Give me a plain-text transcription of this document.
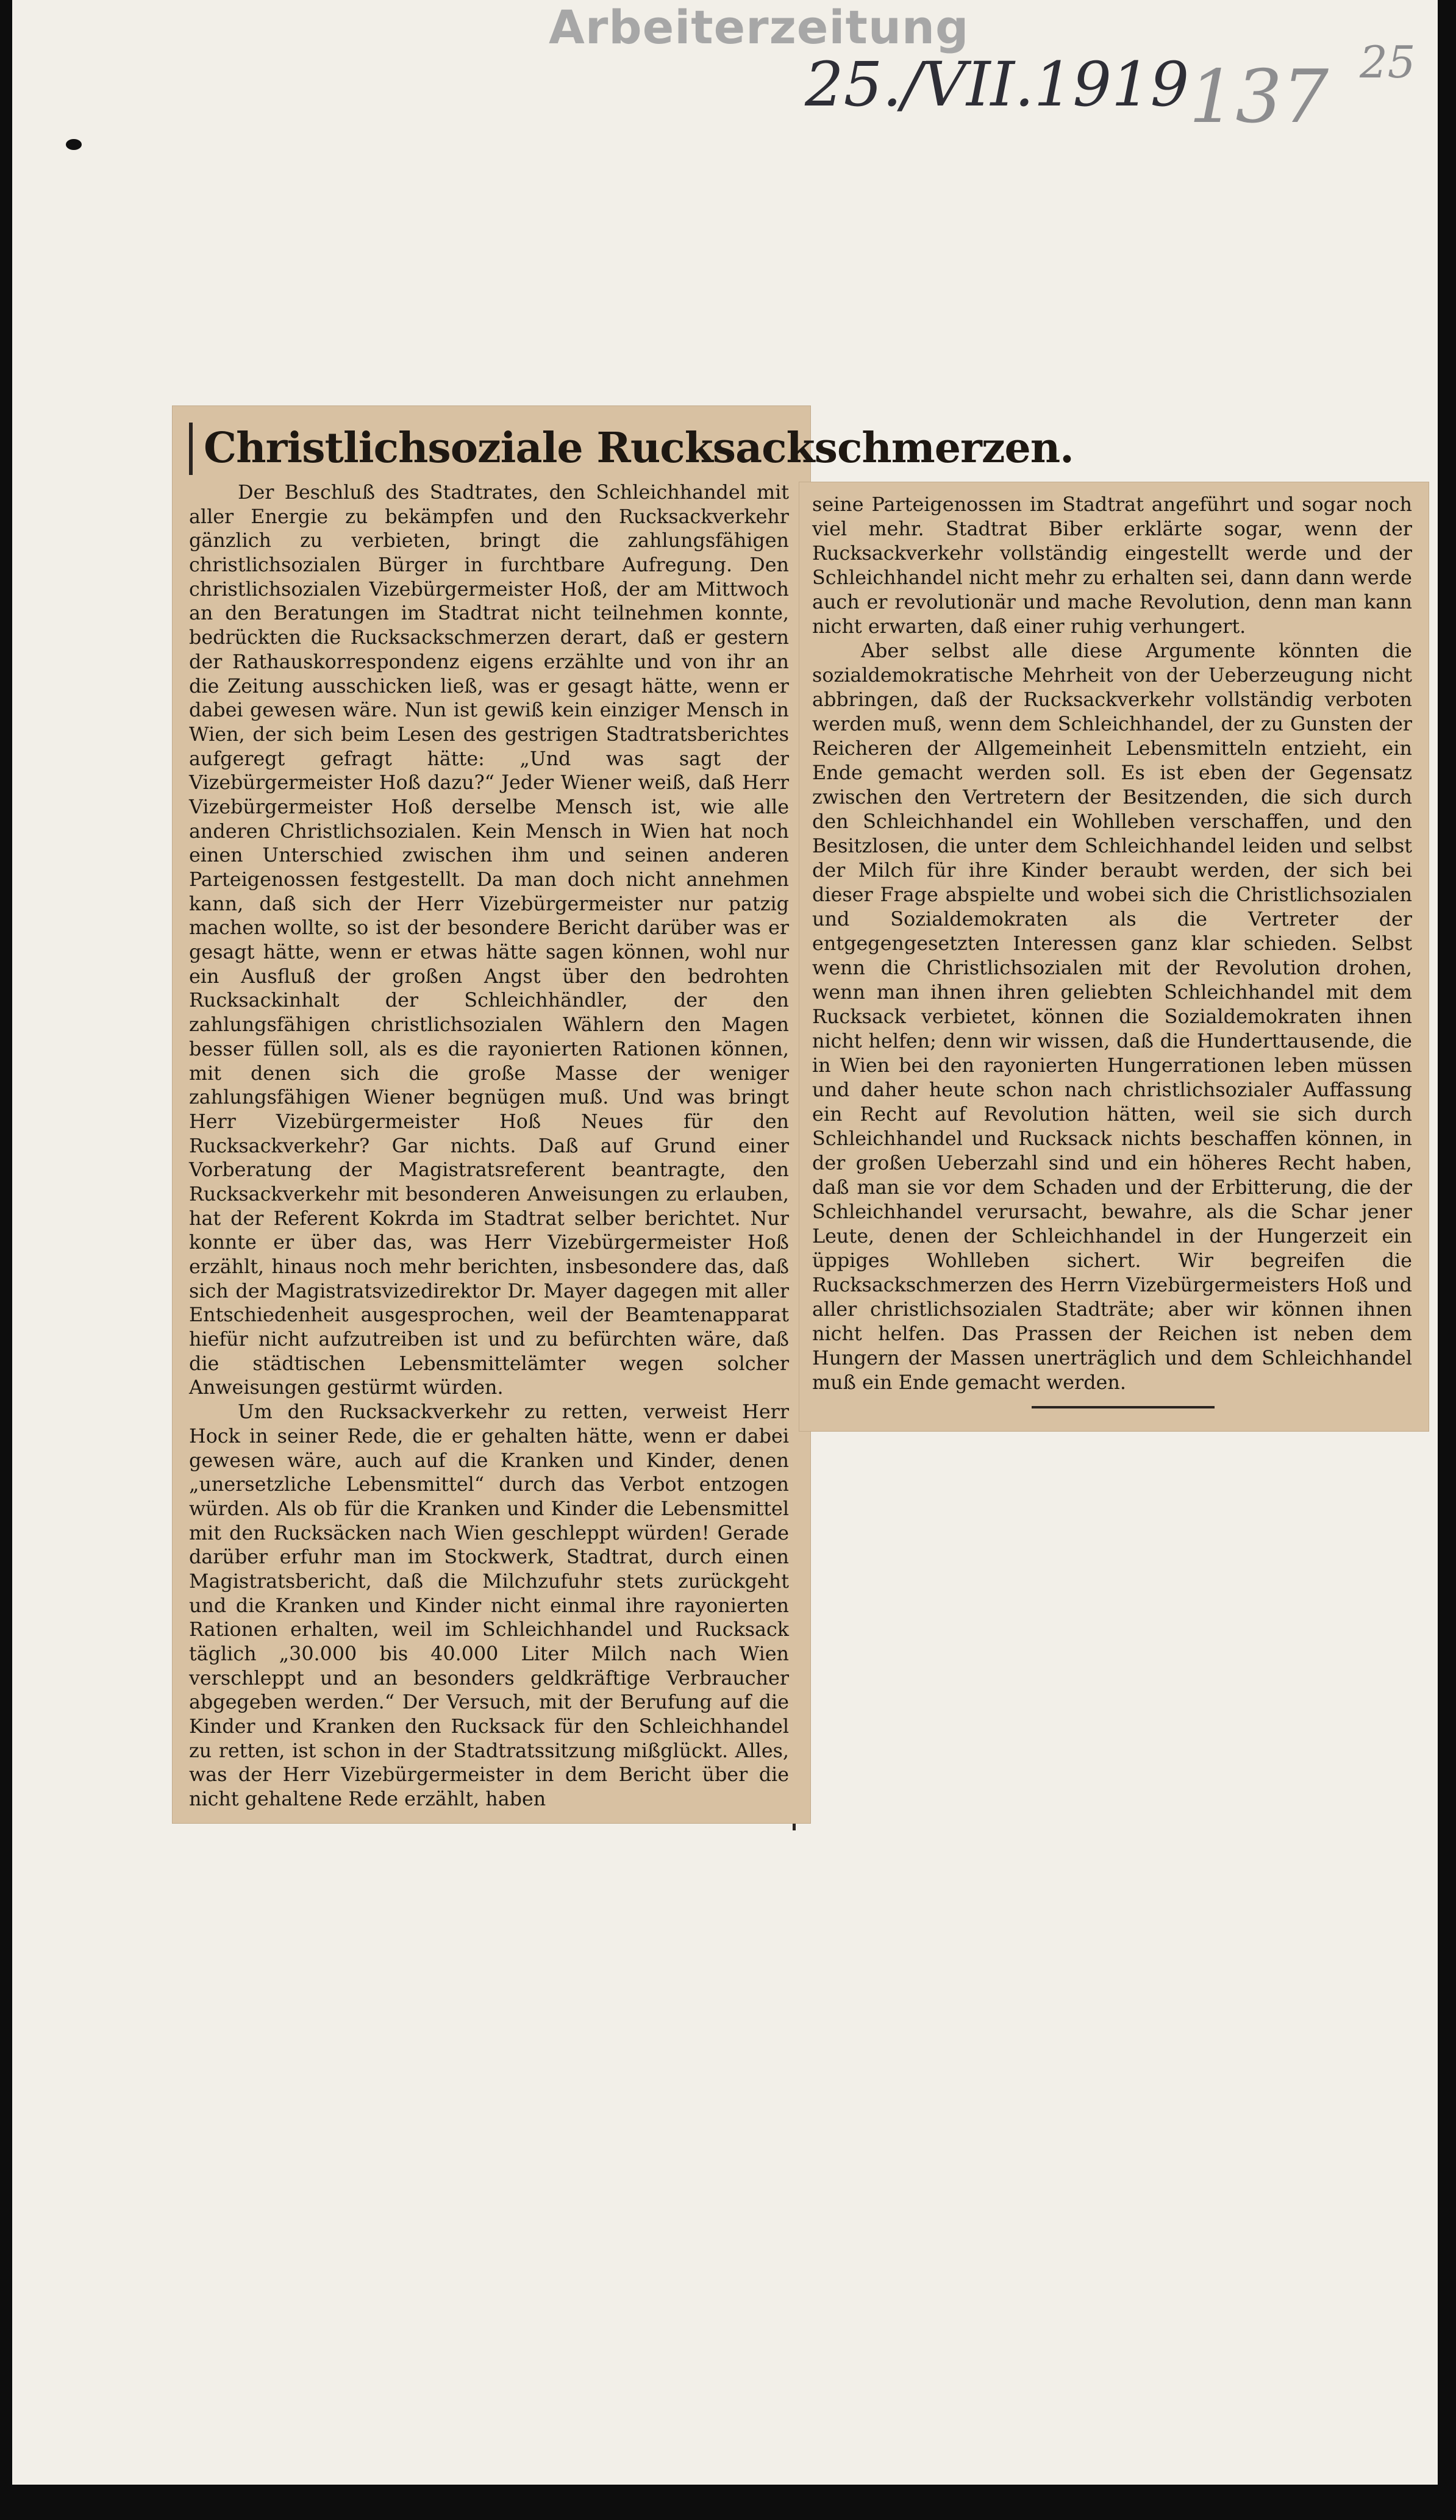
Arbeiterzeitung
25./VII.1919 137 25
Christlichsoziale Rucksackschmerzen.

Der Beschluß des Stadtrates, den Schleichhandel mit aller Energie zu bekämpfen und den Rucksackverkehr gänzlich zu verbieten, bringt die zahlungsfähigen christlichsozialen Bürger in furchtbare Aufregung. Den christlichsozialen Vizebürgermeister Hoß, der am Mittwoch an den Beratungen im Stadtrat nicht teilnehmen konnte, bedrückten die Rucksackschmerzen derart, daß er gestern der Rathauskorrespondenz eigens erzählte und von ihr an die Zeitung ausschicken ließ, was er gesagt hätte, wenn er dabei gewesen wäre. Nun ist gewiß kein einziger Mensch in Wien, der sich beim Lesen des gestrigen Stadtratsberichtes aufgeregt gefragt hätte: „Und was sagt der Vizebürgermeister Hoß dazu?“ Jeder Wiener weiß, daß Herr Vizebürgermeister Hoß derselbe Mensch ist, wie alle anderen Christlichsozialen. Kein Mensch in Wien hat noch einen Unterschied zwischen ihm und seinen anderen Parteigenossen festgestellt. Da man doch nicht annehmen kann, daß sich der Herr Vizebürgermeister nur patzig machen wollte, so ist der besondere Bericht darüber was er gesagt hätte, wenn er etwas hätte sagen können, wohl nur ein Ausfluß der großen Angst über den bedrohten Rucksackinhalt der Schleichhändler, der den zahlungsfähigen christlichsozialen Wählern den Magen besser füllen soll, als es die rayonierten Rationen können, mit denen sich die große Masse der weniger zahlungsfähigen Wiener begnügen muß. Und was bringt Herr Vizebürgermeister Hoß Neues für den Rucksackverkehr? Gar nichts. Daß auf Grund einer Vorberatung der Magistratsreferent beantragte, den Rucksackverkehr mit besonderen Anweisungen zu erlauben, hat der Referent Kokrda im Stadtrat selber berichtet. Nur konnte er über das, was Herr Vizebürgermeister Hoß erzählt, hinaus noch mehr berichten, insbesondere das, daß sich der Magistratsvizedirektor Dr. Mayer dagegen mit aller Entschiedenheit ausgesprochen, weil der Beamtenapparat hiefür nicht aufzutreiben ist und zu befürchten wäre, daß die städtischen Lebensmittelämter wegen solcher Anweisungen gestürmt würden.

Um den Rucksackverkehr zu retten, verweist Herr Hock in seiner Rede, die er gehalten hätte, wenn er dabei gewesen wäre, auch auf die Kranken und Kinder, denen „unersetzliche Lebensmittel“ durch das Verbot entzogen würden. Als ob für die Kranken und Kinder die Lebensmittel mit den Rucksäcken nach Wien geschleppt würden! Gerade darüber erfuhr man im Stockwerk, Stadtrat, durch einen Magistratsbericht, daß die Milchzufuhr stets zurückgeht und die Kranken und Kinder nicht einmal ihre rayonierten Rationen erhalten, weil im Schleichhandel und Rucksack täglich „30.000 bis 40.000 Liter Milch nach Wien verschleppt und an besonders geldkräftige Verbraucher abgegeben werden.“ Der Versuch, mit der Berufung auf die Kinder und Kranken den Rucksack für den Schleichhandel zu retten, ist schon in der Stadtratssitzung mißglückt. Alles, was der Herr Vizebürgermeister in dem Bericht über die nicht gehaltene Rede erzählt, haben

seine Parteigenossen im Stadtrat angeführt und sogar noch viel mehr. Stadtrat Biber erklärte sogar, wenn der Rucksackverkehr vollständig eingestellt werde und der Schleichhandel nicht mehr zu erhalten sei, dann dann werde auch er revolutionär und mache Revolution, denn man kann nicht erwarten, daß einer ruhig verhungert.

Aber selbst alle diese Argumente könnten die sozialdemokratische Mehrheit von der Ueberzeugung nicht abbringen, daß der Rucksackverkehr vollständig verboten werden muß, wenn dem Schleichhandel, der zu Gunsten der Reicheren der Allgemeinheit Lebensmitteln entzieht, ein Ende gemacht werden soll. Es ist eben der Gegensatz zwischen den Vertretern der Besitzenden, die sich durch den Schleichhandel ein Wohlleben verschaffen, und den Besitzlosen, die unter dem Schleichhandel leiden und selbst der Milch für ihre Kinder beraubt werden, der sich bei dieser Frage abspielte und wobei sich die Christlichsozialen und Sozialdemokraten als die Vertreter der entgegengesetzten Interessen ganz klar schieden. Selbst wenn die Christlichsozialen mit der Revolution drohen, wenn man ihnen ihren geliebten Schleichhandel mit dem Rucksack verbietet, können die Sozialdemokraten ihnen nicht helfen; denn wir wissen, daß die Hunderttausende, die in Wien bei den rayonierten Hungerrationen leben müssen und daher heute schon nach christlichsozialer Auffassung ein Recht auf Revolution hätten, weil sie sich durch Schleichhandel und Rucksack nichts beschaffen können, in der großen Ueberzahl sind und ein höheres Recht haben, daß man sie vor dem Schaden und der Erbitterung, die der Schleichhandel verursacht, bewahre, als die Schar jener Leute, denen der Schleichhandel in der Hungerzeit ein üppiges Wohlleben sichert. Wir begreifen die Rucksackschmerzen des Herrn Vizebürgermeisters Hoß und aller christlichsozialen Stadträte; aber wir können ihnen nicht helfen. Das Prassen der Reichen ist neben dem Hungern der Massen unerträglich und dem Schleichhandel muß ein Ende gemacht werden.
